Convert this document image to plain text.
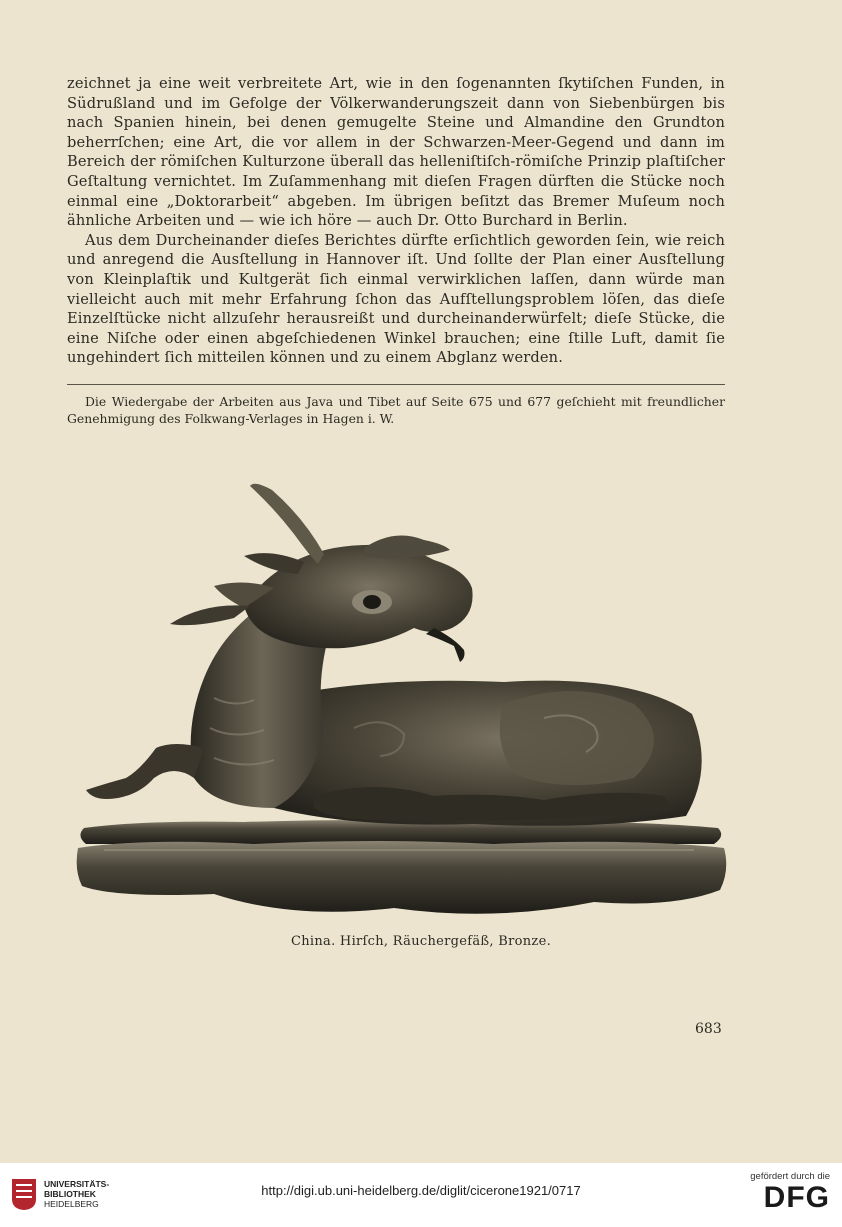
zeichnet ja eine weit verbreitete Art, wie in den ſogenannten ſkytiſchen Funden, in Südrußland und im Gefolge der Völkerwanderungszeit dann von Siebenbürgen bis nach Spanien hinein, bei denen gemugelte Steine und Almandine den Grundton beherrſchen; eine Art, die vor allem in der Schwarzen-Meer-Gegend und dann im Bereich der römiſchen Kulturzone überall das helleniſtiſch-römiſche Prinzip plaſtiſcher Geſtaltung vernichtet. Im Zuſammenhang mit dieſen Fragen dürften die Stücke noch einmal eine „Doktorarbeit“ abgeben. Im übrigen beſitzt das Bremer Muſeum noch ähnliche Arbeiten und — wie ich höre — auch Dr. Otto Burchard in Berlin.

Aus dem Durcheinander dieſes Berichtes dürfte erſichtlich geworden ſein, wie reich und anregend die Ausſtellung in Hannover iſt. Und ſollte der Plan einer Ausſtellung von Kleinplaſtik und Kultgerät ſich einmal verwirklichen laſſen, dann würde man vielleicht auch mit mehr Erfahrung ſchon das Aufſtellungsproblem löſen, das dieſe Einzelſtücke nicht allzuſehr herausreißt und durcheinanderwürfelt; dieſe Stücke, die eine Niſche oder einen abgeſchiedenen Winkel brauchen; eine ſtille Luft, damit ſie ungehindert ſich mitteilen können und zu einem Abglanz werden.

Die Wiedergabe der Arbeiten aus Java und Tibet auf Seite 675 und 677 geſchieht mit freundlicher Genehmigung des Folkwang-Verlages in Hagen i. W.
China. Hirſch, Räuchergefäß, Bronze.
683
UNIVERSITÄTS-
BIBLIOTHEK
HEIDELBERG
http://digi.ub.uni-heidelberg.de/diglit/cicerone1921/0717
gefördert durch die
DFG
